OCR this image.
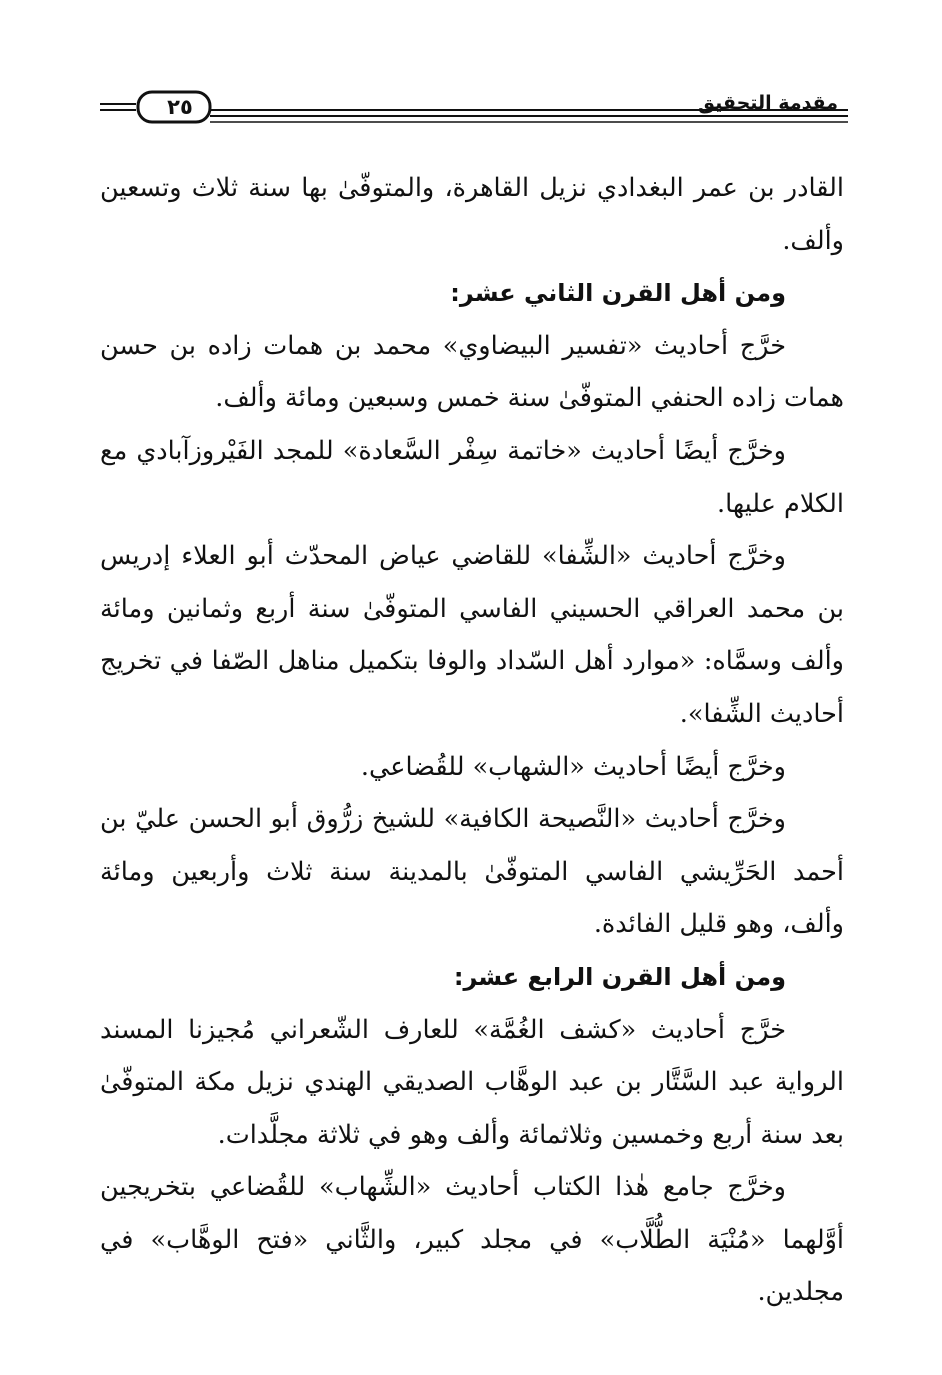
٢٥	مقدمة التحقيق

القادر بن عمر البغدادي نزيل القاهرة، والمتوفّىٰ بها سنة ثلاث وتسعين وألف.

ومن أهل القرن الثاني عشر:

خرَّج أحاديث «تفسير البيضاوي» محمد بن همات زاده بن حسن همات زاده الحنفي المتوفّىٰ سنة خمس وسبعين ومائة وألف.

وخرَّج أيضًا أحاديث «خاتمة سِفْر السَّعادة» للمجد الفَيْروزآبادي مع الكلام عليها.

وخرَّج أحاديث «الشِّفا» للقاضي عياض المحدّث أبو العلاء إدريس بن محمد العراقي الحسيني الفاسي المتوفّىٰ سنة أربع وثمانين ومائة وألف وسمَّاه: «موارد أهل السّداد والوفا بتكميل مناهل الصّفا في تخريج أحاديث الشِّفا».

وخرَّج أيضًا أحاديث «الشهاب» للقُضاعي.

وخرَّج أحاديث «النَّصيحة الكافية» للشيخ زرُّوق أبو الحسن عليّ بن أحمد الحَرِّيشي الفاسي المتوفّىٰ بالمدينة سنة ثلاث وأربعين ومائة وألف، وهو قليل الفائدة.

ومن أهل القرن الرابع عشر:

خرَّج أحاديث «كشف الغُمَّة» للعارف الشّعراني مُجيزنا المسند الرواية عبد السَّتَّار بن عبد الوهَّاب الصديقي الهندي نزيل مكة المتوفّىٰ بعد سنة أربع وخمسين وثلاثمائة وألف وهو في ثلاثة مجلَّدات.

وخرَّج جامع هٰذا الكتاب أحاديث «الشِّهاب» للقُضاعي بتخريجين أوَّلهما «مُنْيَة الطُّلَّاب» في مجلد كبير، والثَّاني «فتح الوهَّاب» في مجلدين.
